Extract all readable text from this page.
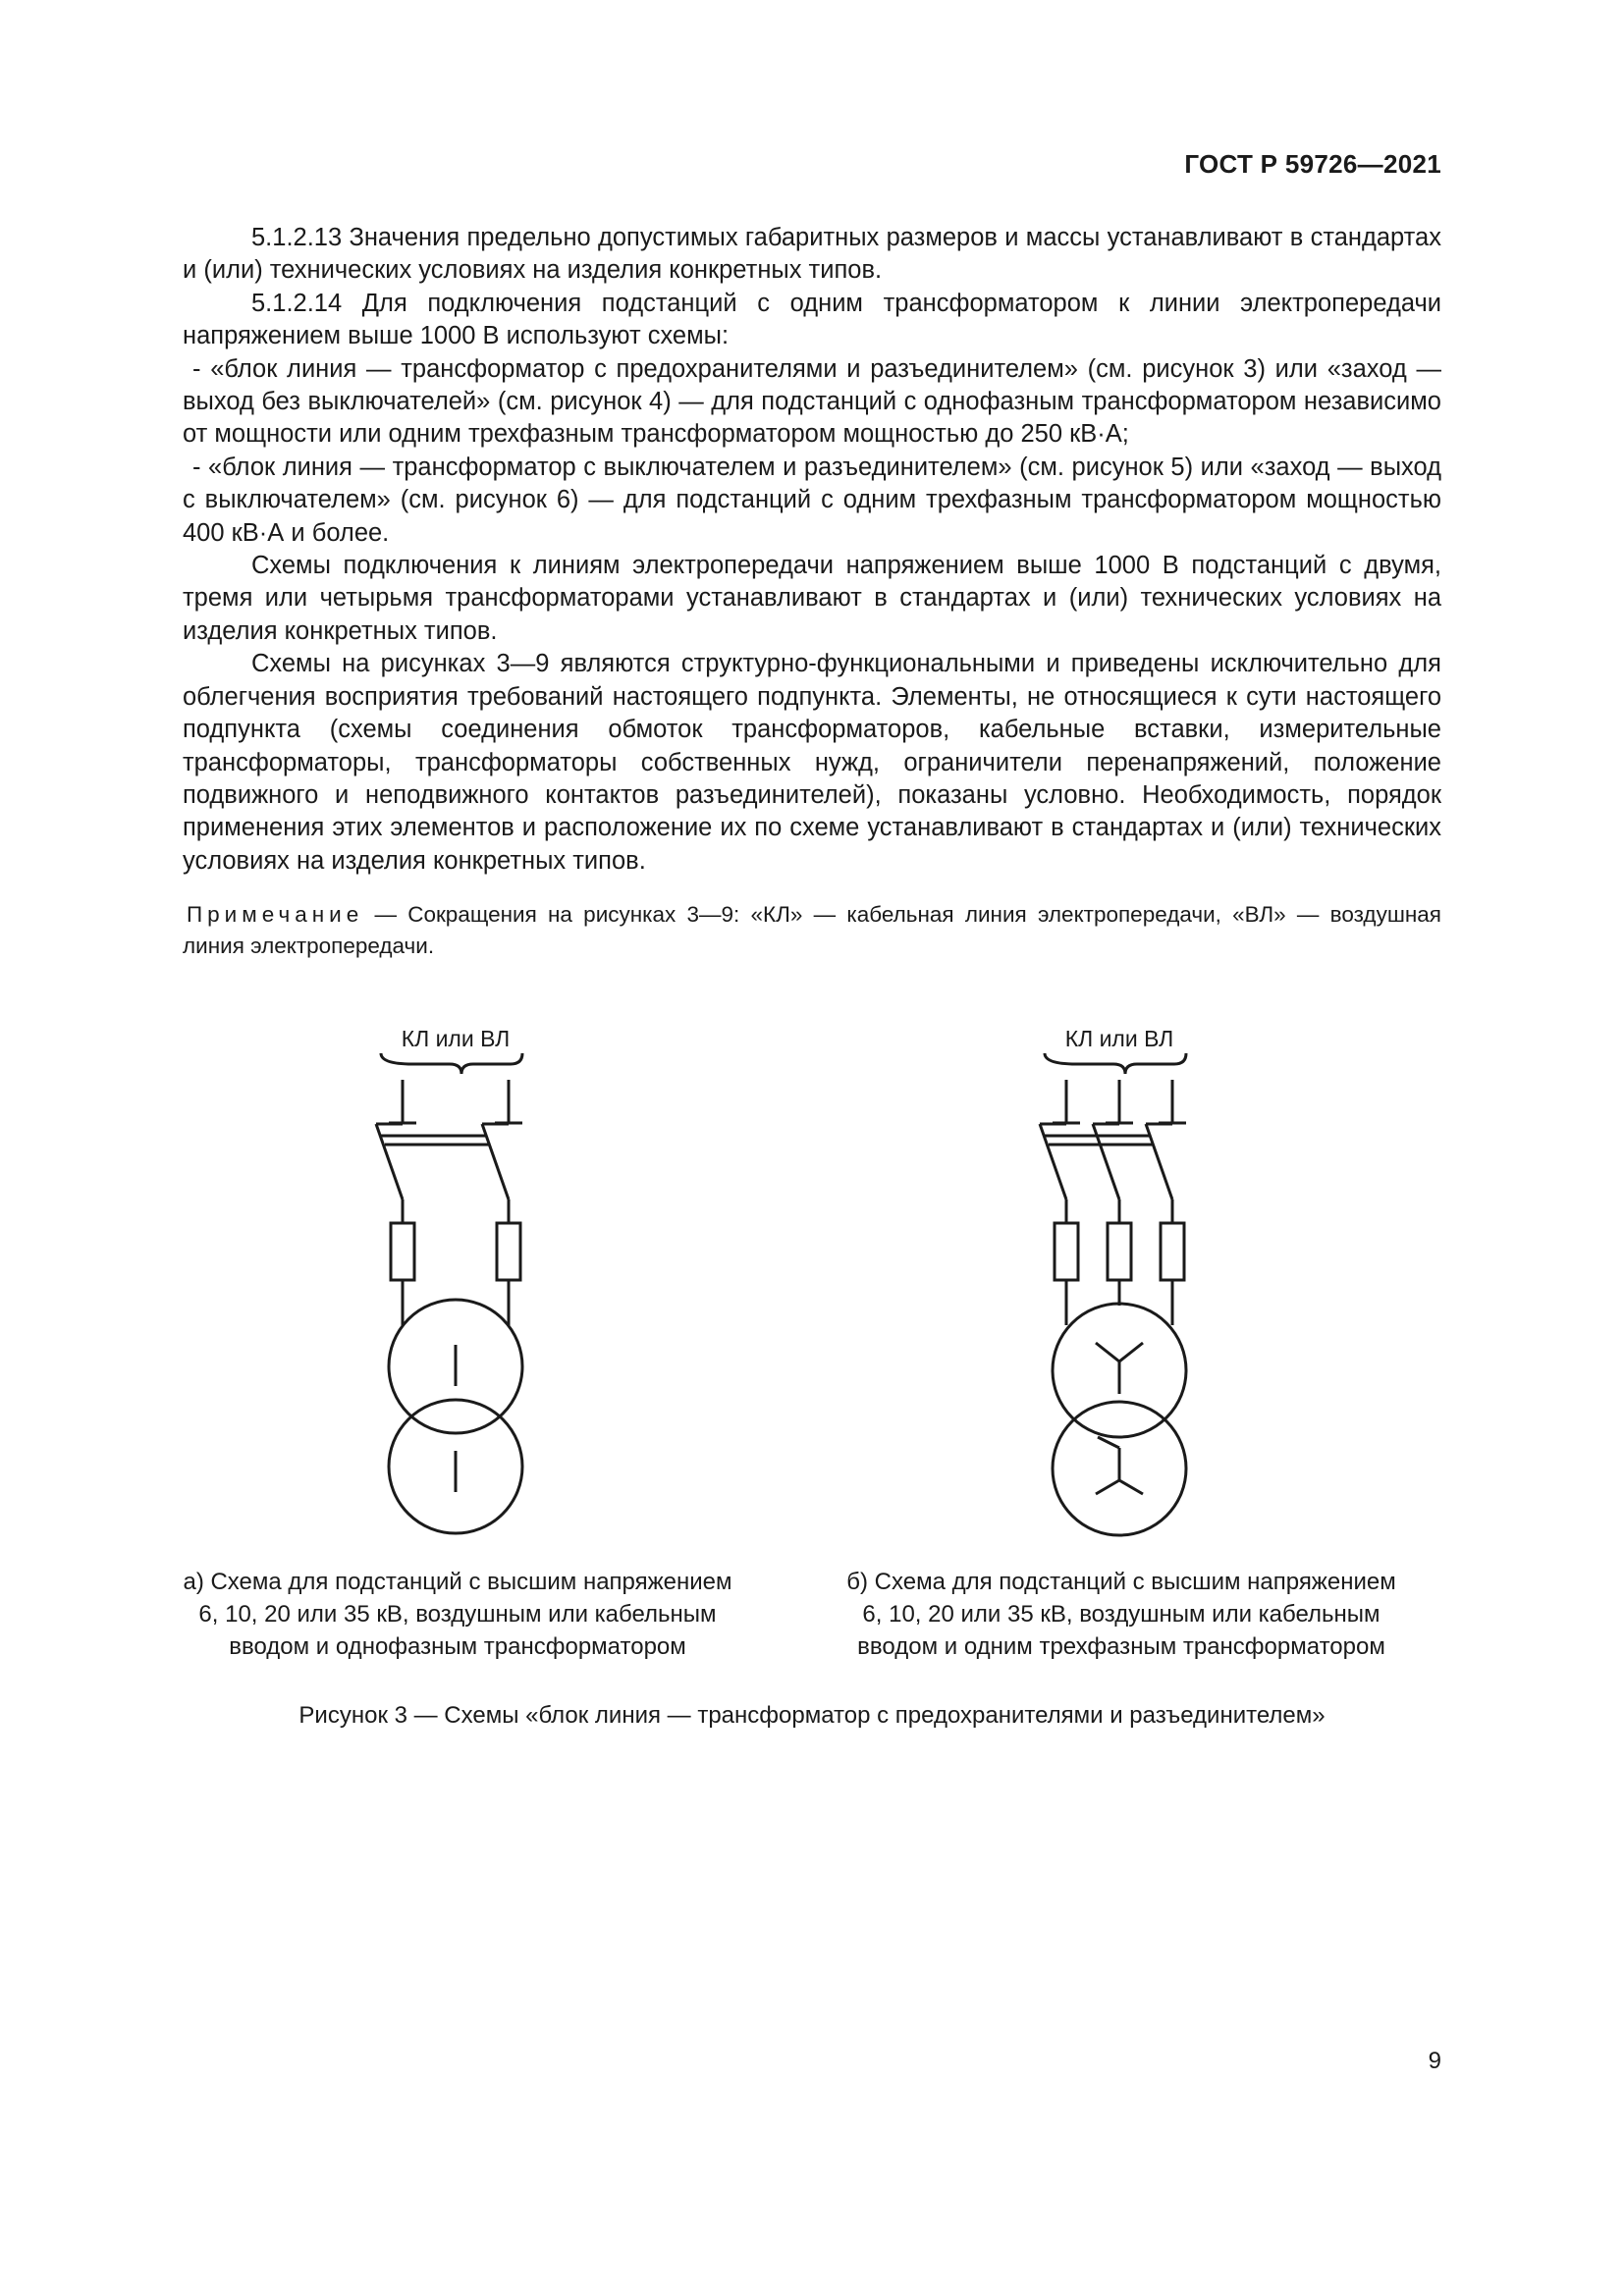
ГОСТ Р 59726—2021

5.1.2.13 Значения предельно допустимых габаритных размеров и массы устанавливают в стандартах и (или) технических условиях на изделия конкретных типов.

5.1.2.14 Для подключения подстанций с одним трансформатором к линии электропередачи напряжением выше 1000 В используют схемы:

- «блок линия — трансформатор с предохранителями и разъединителем» (см. рисунок 3) или «заход — выход без выключателей» (см. рисунок 4) — для подстанций с однофазным трансформатором независимо от мощности или одним трехфазным трансформатором мощностью до 250 кВ·А;

- «блок линия — трансформатор с выключателем и разъединителем» (см. рисунок 5) или «заход — выход с выключателем» (см. рисунок 6) — для подстанций с одним трехфазным трансформатором мощностью 400 кВ·А и более.

Схемы подключения к линиям электропередачи напряжением выше 1000 В подстанций с двумя, тремя или четырьмя трансформаторами устанавливают в стандартах и (или) технических условиях на изделия конкретных типов.

Схемы на рисунках 3—9 являются структурно-функциональными и приведены исключительно для облегчения восприятия требований настоящего подпункта. Элементы, не относящиеся к сути настоящего подпункта (схемы соединения обмоток трансформаторов, кабельные вставки, измерительные трансформаторы, трансформаторы собственных нужд, ограничители перенапряжений, положение подвижного и неподвижного контактов разъединителей), показаны условно. Необходимость, порядок применения этих элементов и расположение их по схеме устанавливают в стандартах и (или) технических условиях на изделия конкретных типов.

Примечание — Сокращения на рисунках 3—9: «КЛ» — кабельная линия электропередачи, «ВЛ» — воздушная линия электропередачи.
КЛ или ВЛ	КЛ или ВЛ
а) Схема для подстанций с высшим напряжением
6, 10, 20 или 35 кВ, воздушным или кабельным
вводом и однофазным трансформатором
б) Схема для подстанций с высшим напряжением
6, 10, 20 или 35 кВ, воздушным или кабельным
вводом и одним трехфазным трансформатором
Рисунок 3 — Схемы «блок линия — трансформатор с предохранителями и разъединителем»
9
